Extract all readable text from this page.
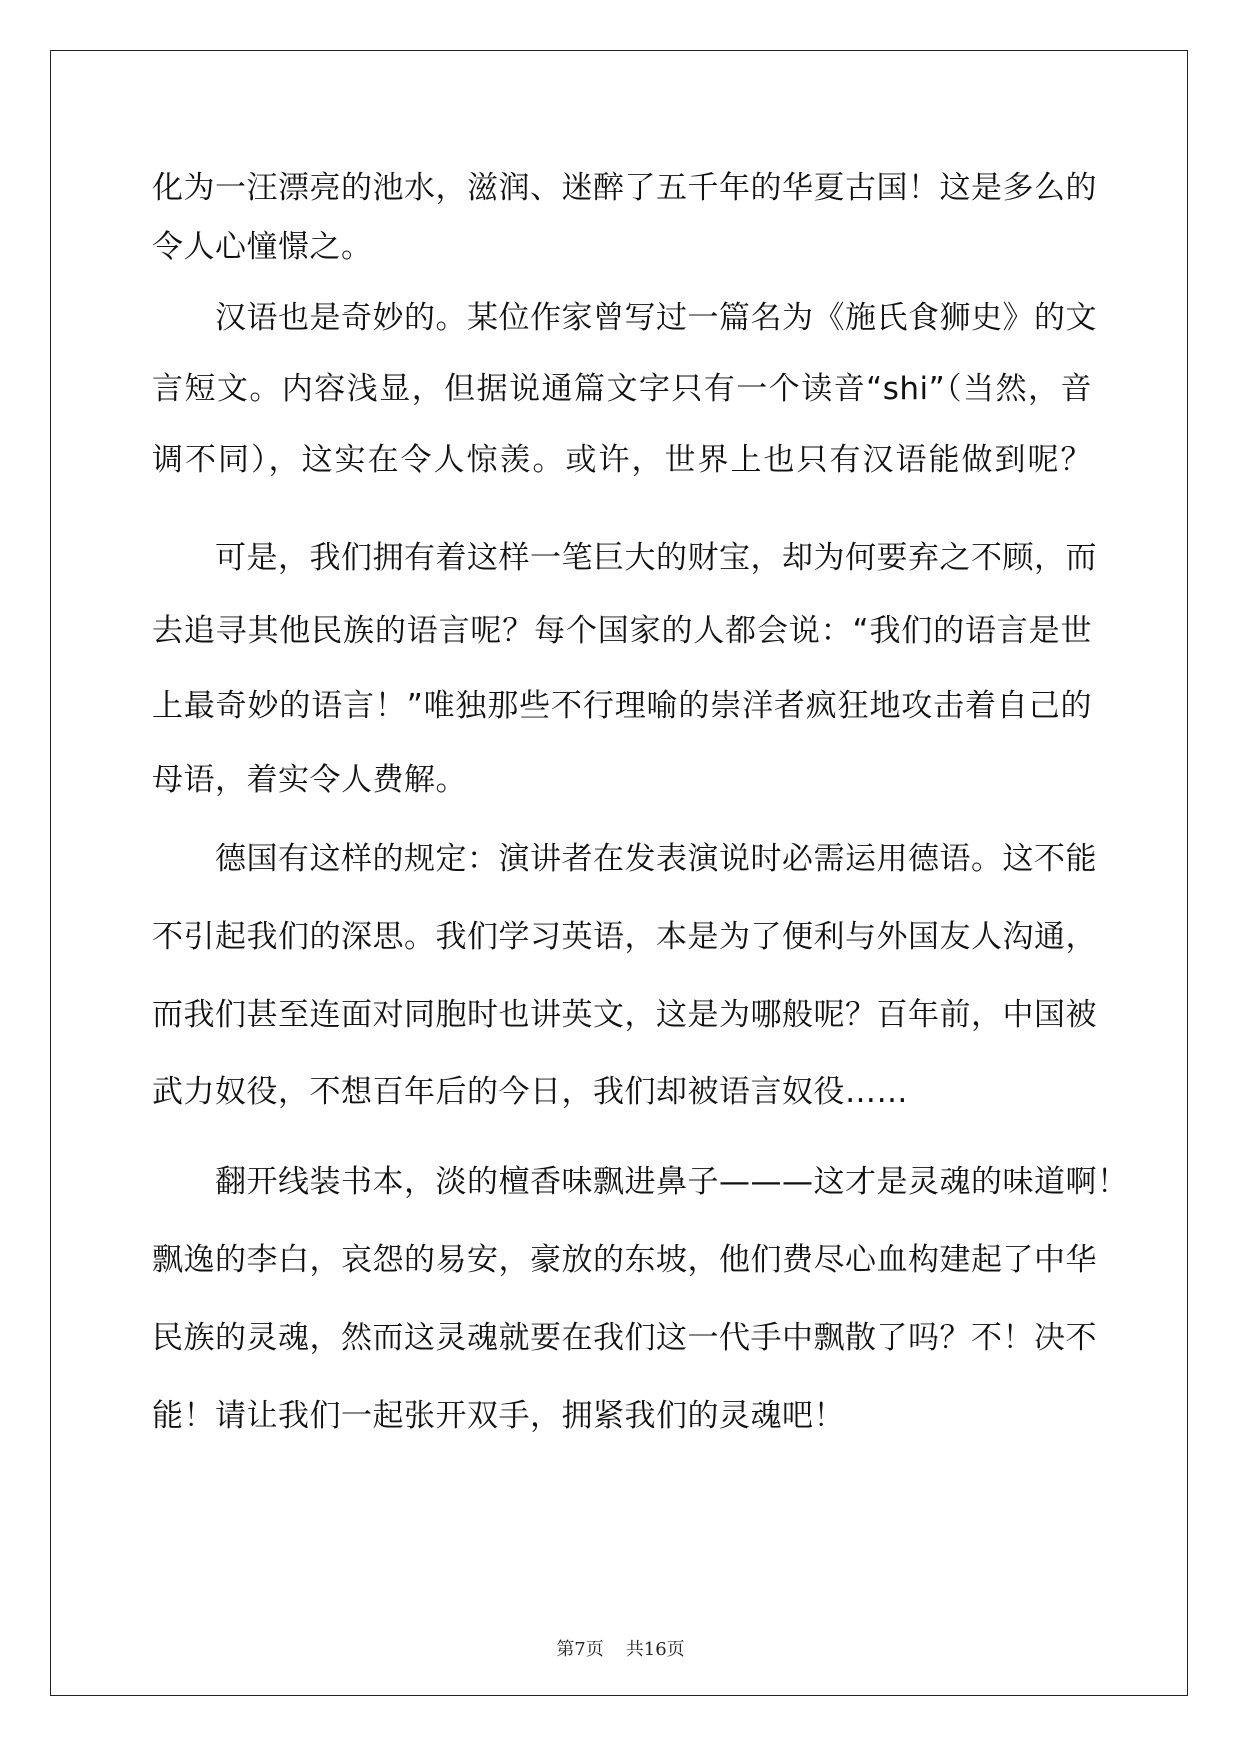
化为一汪漂亮的池水，滋润、迷醉了五千年的华夏古国！这是多么的
令人心憧憬之。
汉语也是奇妙的。某位作家曾写过一篇名为《施氏食狮史》的文
言短文。内容浅显，但据说通篇文字只有一个读音“shi”（当然，音
调不同），这实在令人惊羡。或许，世界上也只有汉语能做到呢？
可是，我们拥有着这样一笔巨大的财宝，却为何要弃之不顾，而
去追寻其他民族的语言呢？每个国家的人都会说：“我们的语言是世
上最奇妙的语言！”唯独那些不行理喻的崇洋者疯狂地攻击着自己的
母语，着实令人费解。
德国有这样的规定：演讲者在发表演说时必需运用德语。这不能
不引起我们的深思。我们学习英语，本是为了便利与外国友人沟通，
而我们甚至连面对同胞时也讲英文，这是为哪般呢？百年前，中国被
武力奴役，不想百年后的今日，我们却被语言奴役……
翻开线装书本，淡的檀香味飘进鼻子———这才是灵魂的味道啊！
飘逸的李白，哀怨的易安，豪放的东坡，他们费尽心血构建起了中华
民族的灵魂，然而这灵魂就要在我们这一代手中飘散了吗？不！决不
能！请让我们一起张开双手，拥紧我们的灵魂吧！
第7页 共16页
